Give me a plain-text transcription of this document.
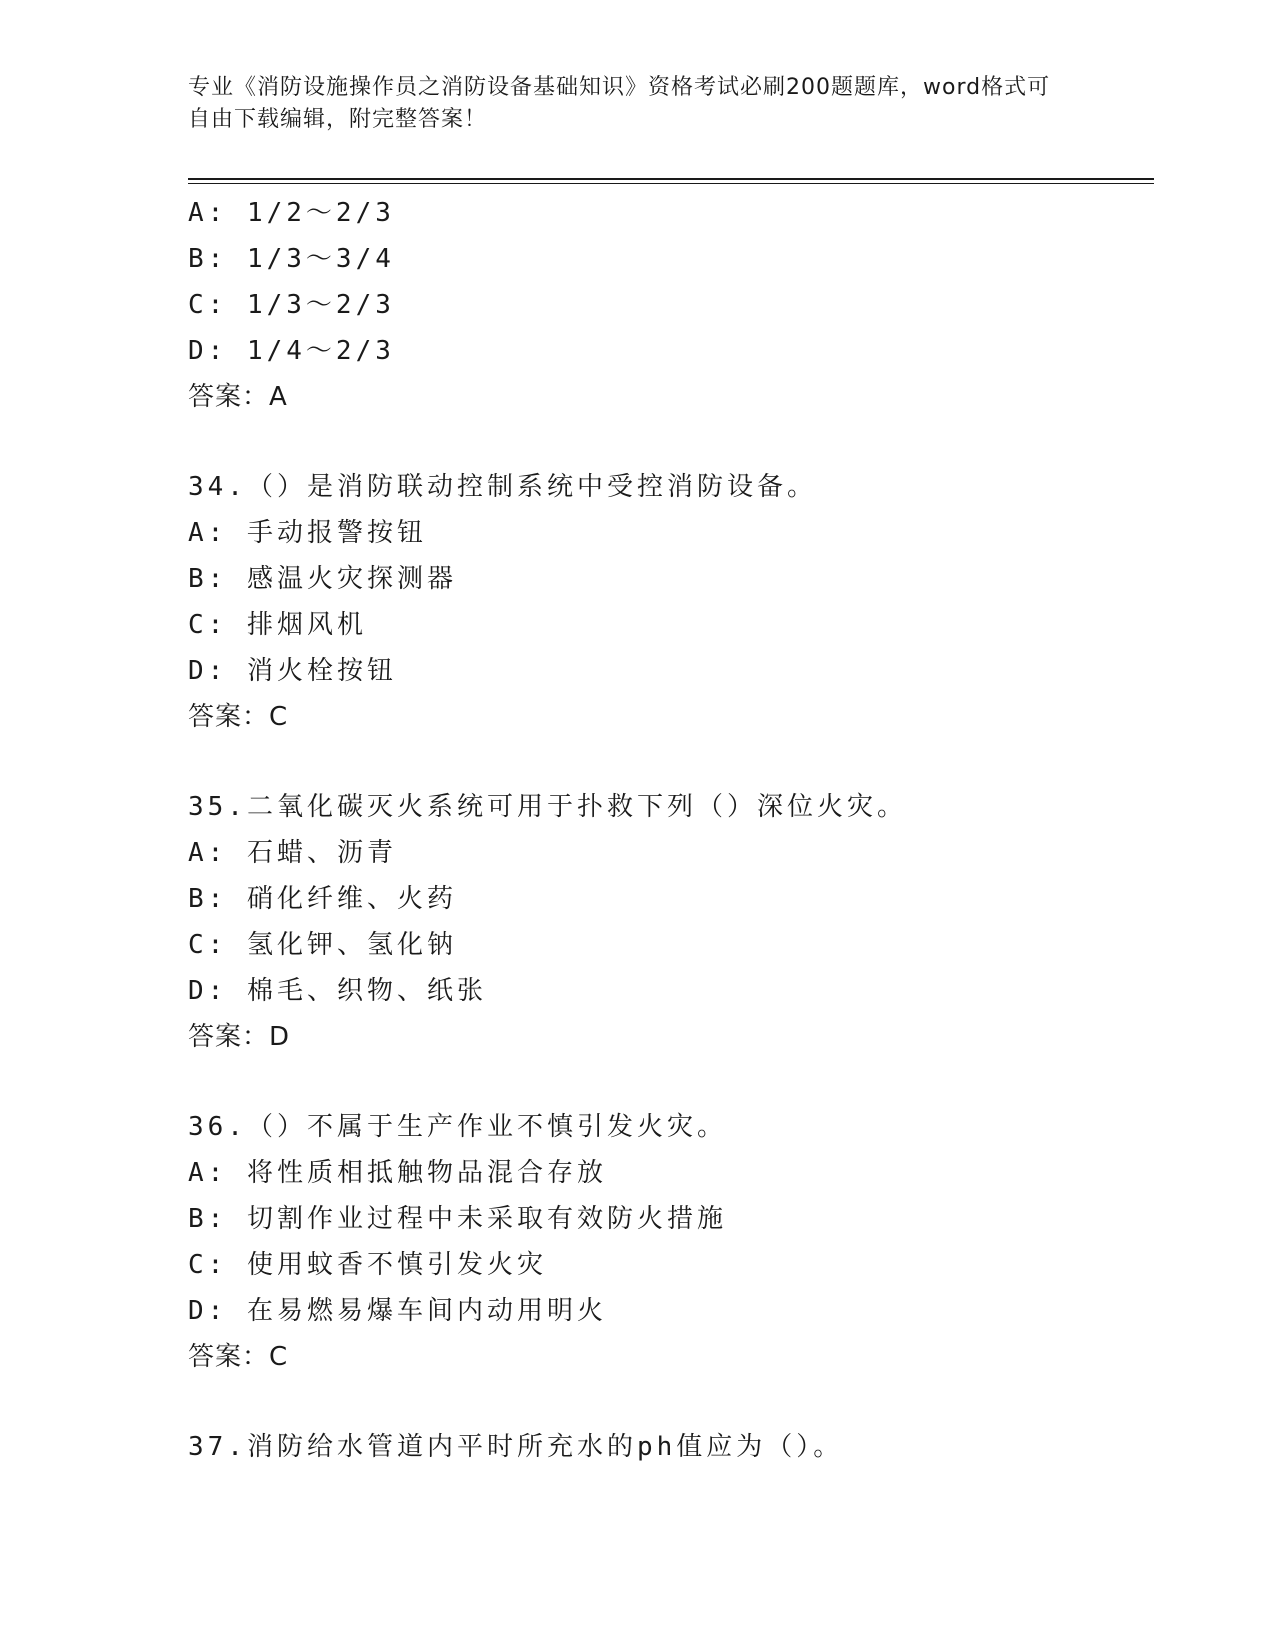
专业《消防设施操作员之消防设备基础知识》资格考试必刷200题题库，word格式可自由下载编辑，附完整答案！
A: 1/2～2/3
B: 1/3～3/4
C: 1/3～2/3
D: 1/4～2/3
答案：A
34.（）是消防联动控制系统中受控消防设备。
A: 手动报警按钮
B: 感温火灾探测器
C: 排烟风机
D: 消火栓按钮
答案：C
35.二氧化碳灭火系统可用于扑救下列（）深位火灾。
A: 石蜡、沥青
B: 硝化纤维、火药
C: 氢化钾、氢化钠
D: 棉毛、织物、纸张
答案：D
36.（）不属于生产作业不慎引发火灾。
A: 将性质相抵触物品混合存放
B: 切割作业过程中未采取有效防火措施
C: 使用蚊香不慎引发火灾
D: 在易燃易爆车间内动用明火
答案：C
37.消防给水管道内平时所充水的ph值应为（）。
